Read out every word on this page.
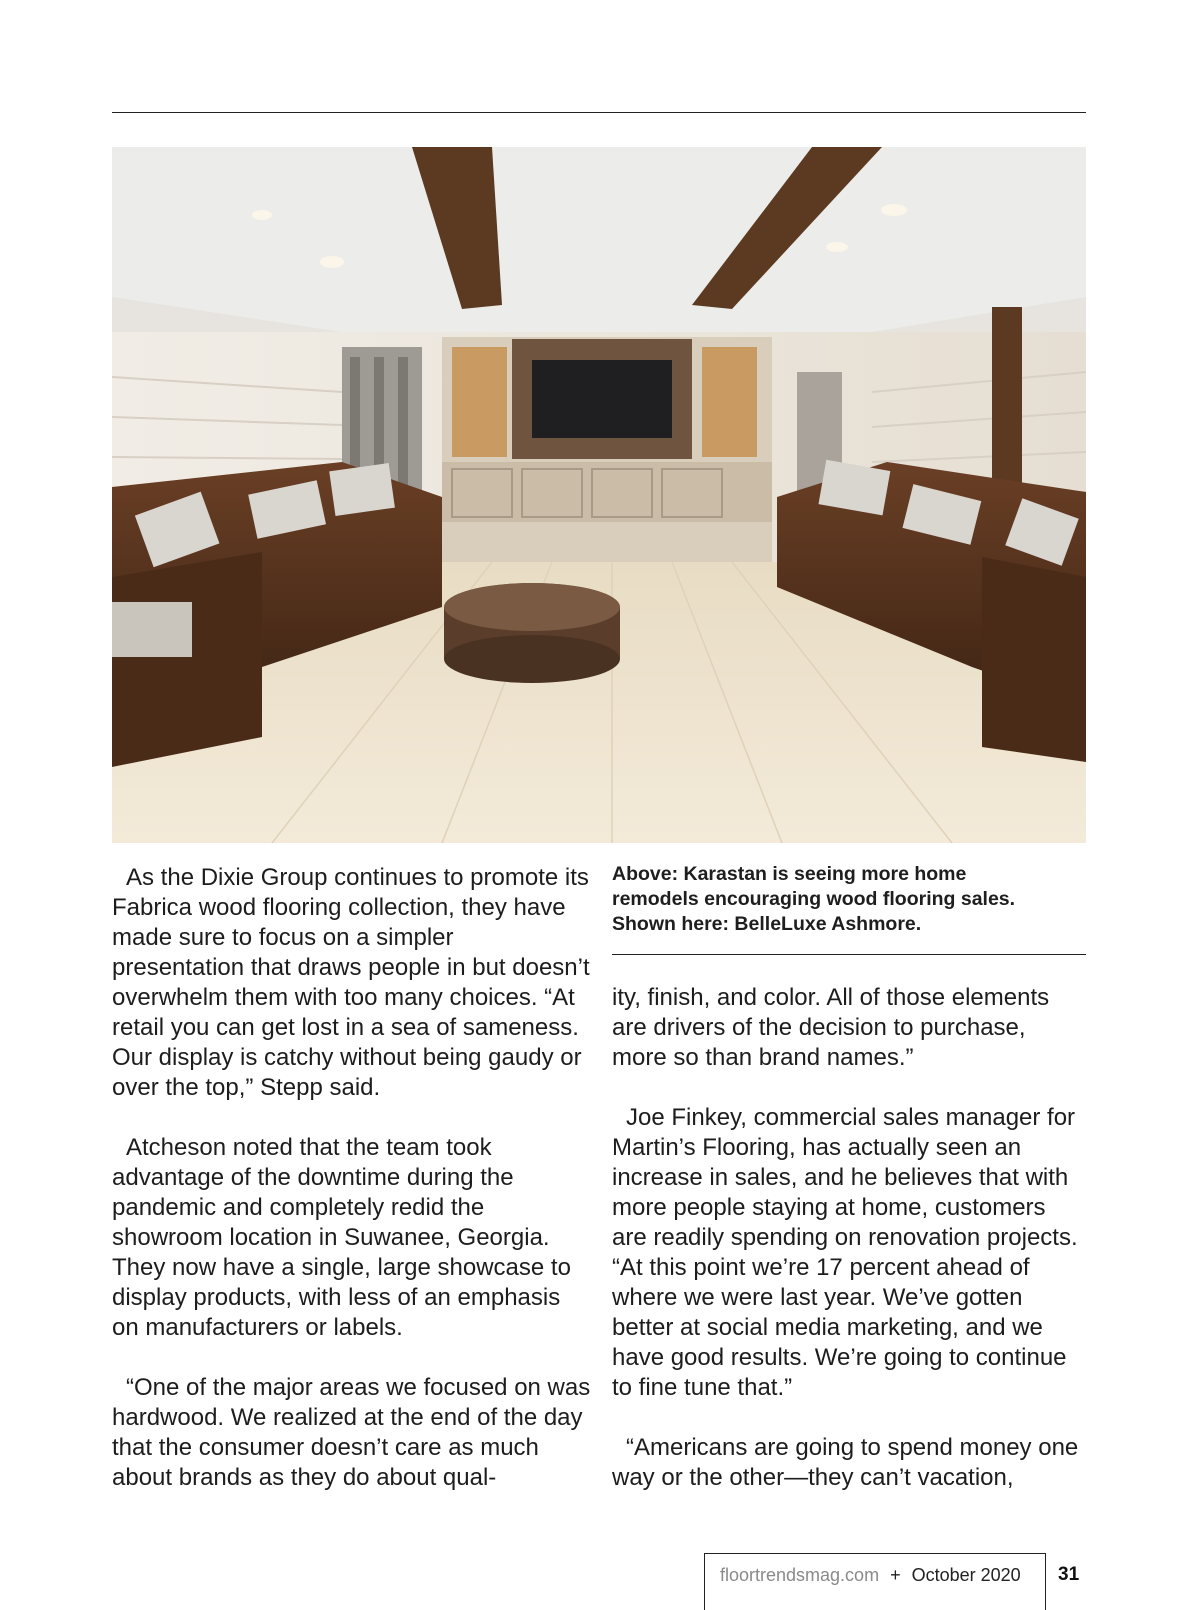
As the Dixie Group continues to promote its Fabrica wood flooring collection, they have made sure to focus on a simpler presentation that draws people in but doesn’t overwhelm them with too many choices. “At retail you can get lost in a sea of sameness. Our display is catchy without being gaudy or over the top,” Stepp said.

Atcheson noted that the team took advantage of the downtime during the pandemic and completely redid the showroom location in Suwanee, Georgia. They now have a single, large showcase to display products, with less of an emphasis on manufacturers or labels.

“One of the major areas we focused on was hardwood. We realized at the end of the day that the consumer doesn’t care as much about brands as they do about qual-

Above: Karastan is seeing more home
remodels encouraging wood flooring sales.
Shown here: BelleLuxe Ashmore.

ity, finish, and color. All of those elements are drivers of the decision to purchase, more so than brand names.”

Joe Finkey, commercial sales manager for Martin’s Flooring, has actually seen an increase in sales, and he believes that with more people staying at home, customers are readily spending on renovation projects. “At this point we’re 17 percent ahead of where we were last year. We’ve gotten better at social media marketing, and we have good results. We’re going to continue to fine tune that.”

“Americans are going to spend money one way or the other—they can’t vacation,

floortrendsmag.com + October 2020 31
